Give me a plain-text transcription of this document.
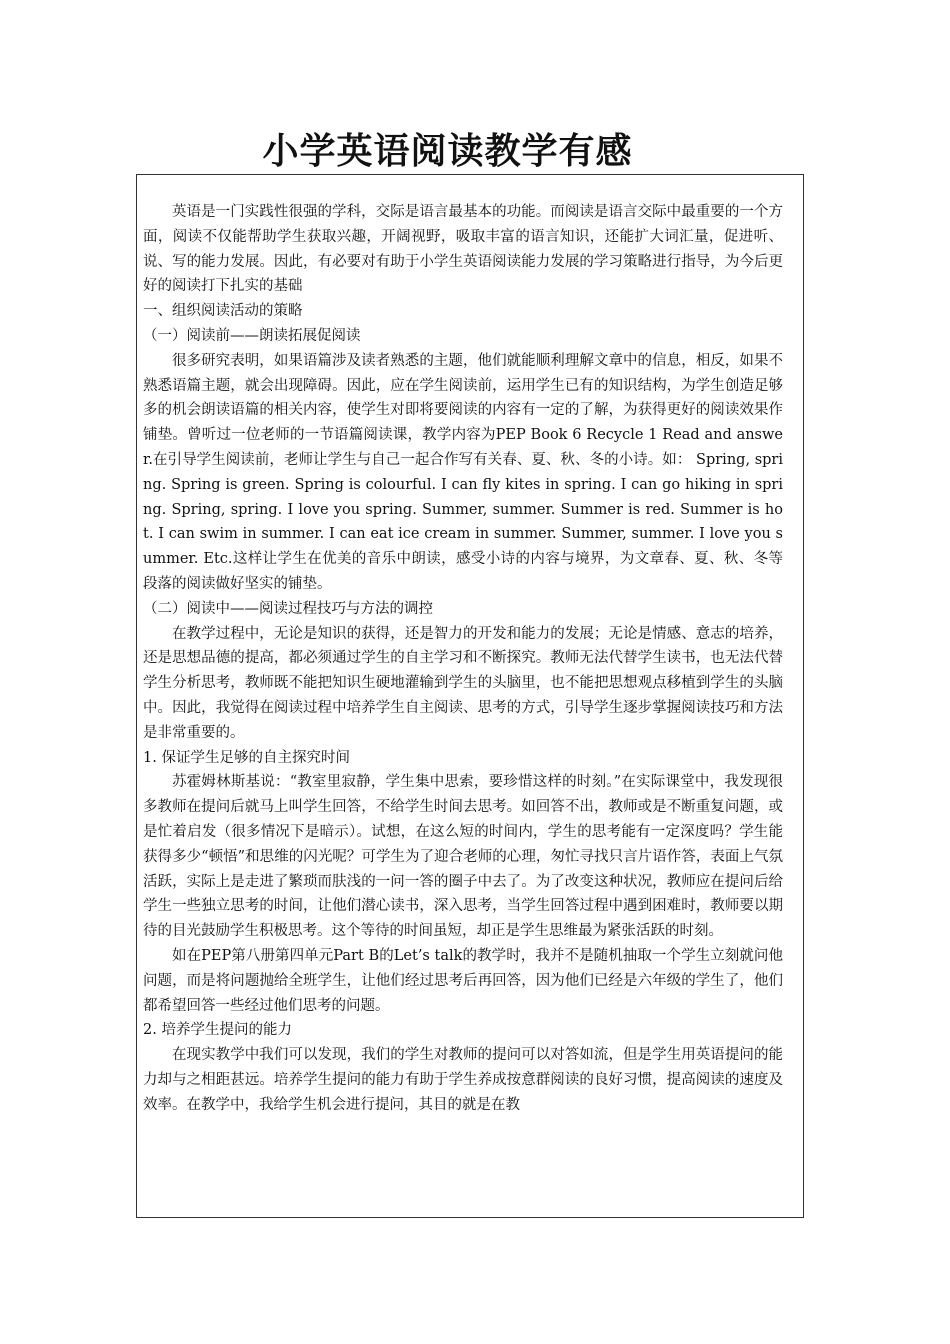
小学英语阅读教学有感

英语是一门实践性很强的学科，交际是语言最基本的功能。而阅读是语言交际中最重要的一个方面，阅读不仅能帮助学生获取兴趣，开阔视野，吸取丰富的语言知识，还能扩大词汇量，促进听、说、写的能力发展。因此，有必要对有助于小学生英语阅读能力发展的学习策略进行指导，为今后更好的阅读打下扎实的基础

一、组织阅读活动的策略

（一）阅读前——朗读拓展促阅读

很多研究表明，如果语篇涉及读者熟悉的主题，他们就能顺利理解文章中的信息，相反，如果不熟悉语篇主题，就会出现障碍。因此，应在学生阅读前，运用学生已有的知识结构，为学生创造足够多的机会朗读语篇的相关内容，使学生对即将要阅读的内容有一定的了解，为获得更好的阅读效果作铺垫。曾听过一位老师的一节语篇阅读课，教学内容为PEP Book 6 Recycle 1 Read and answer.在引导学生阅读前，老师让学生与自己一起合作写有关春、夏、秋、冬的小诗。如： Spring, spring. Spring is green. Spring is colourful. I can fly kites in spring. I can go hiking in spring. Spring, spring. I love you spring. Summer, summer. Summer is red. Summer is hot. I can swim in summer. I can eat ice cream in summer. Summer, summer. I love you summer. Etc.这样让学生在优美的音乐中朗读，感受小诗的内容与境界，为文章春、夏、秋、冬等段落的阅读做好坚实的铺垫。

（二）阅读中——阅读过程技巧与方法的调控

在教学过程中，无论是知识的获得，还是智力的开发和能力的发展；无论是情感、意志的培养，还是思想品德的提高，都必须通过学生的自主学习和不断探究。教师无法代替学生读书，也无法代替学生分析思考，教师既不能把知识生硬地灌输到学生的头脑里，也不能把思想观点移植到学生的头脑中。因此，我觉得在阅读过程中培养学生自主阅读、思考的方式，引导学生逐步掌握阅读技巧和方法是非常重要的。

1. 保证学生足够的自主探究时间

苏霍姆林斯基说：“教室里寂静，学生集中思索，要珍惜这样的时刻。”在实际课堂中，我发现很多教师在提问后就马上叫学生回答，不给学生时间去思考。如回答不出，教师或是不断重复问题，或是忙着启发（很多情况下是暗示）。试想，在这么短的时间内，学生的思考能有一定深度吗？学生能获得多少“顿悟”和思维的闪光呢？可学生为了迎合老师的心理，匆忙寻找只言片语作答，表面上气氛活跃，实际上是走进了繁琐而肤浅的一问一答的圈子中去了。为了改变这种状况，教师应在提问后给学生一些独立思考的时间，让他们潜心读书，深入思考，当学生回答过程中遇到困难时，教师要以期待的目光鼓励学生积极思考。这个等待的时间虽短，却正是学生思维最为紧张活跃的时刻。

如在PEP第八册第四单元Part B的Let’s talk的教学时，我并不是随机抽取一个学生立刻就问他问题，而是将问题抛给全班学生，让他们经过思考后再回答，因为他们已经是六年级的学生了，他们都希望回答一些经过他们思考的问题。

2. 培养学生提问的能力

在现实教学中我们可以发现，我们的学生对教师的提问可以对答如流，但是学生用英语提问的能力却与之相距甚远。培养学生提问的能力有助于学生养成按意群阅读的良好习惯，提高阅读的速度及效率。在教学中，我给学生机会进行提问，其目的就是在教
